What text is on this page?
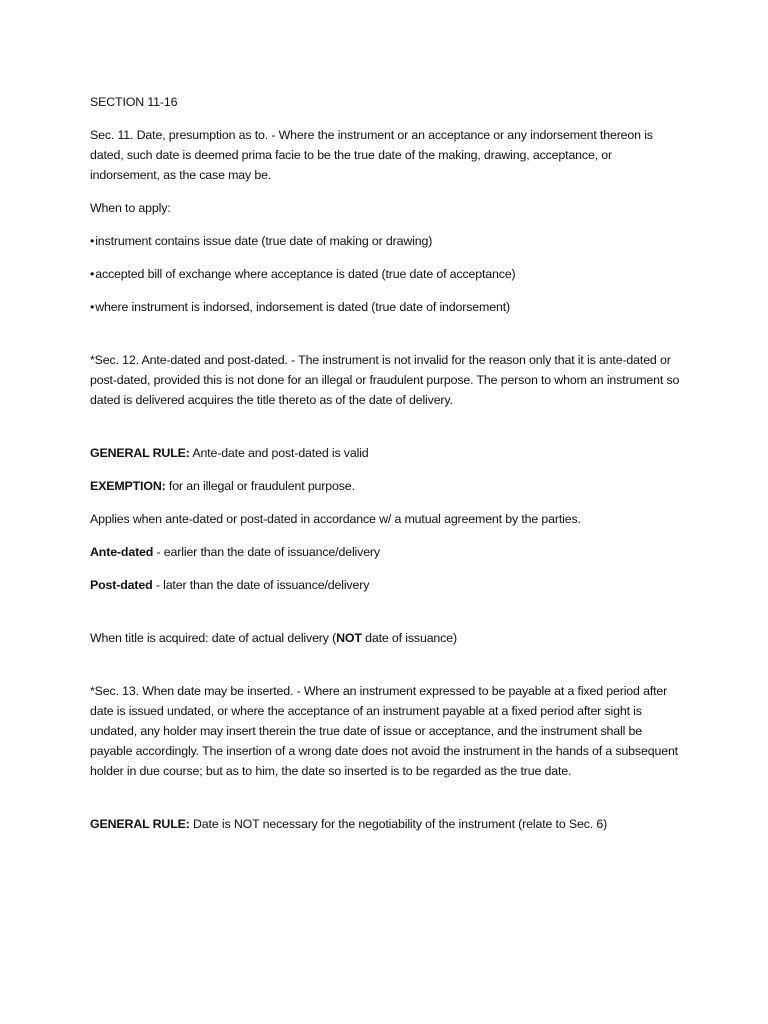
SECTION 11-16

Sec. 11. Date, presumption as to. - Where the instrument or an acceptance or any indorsement thereon is dated, such date is deemed prima facie to be the true date of the making, drawing, acceptance, or indorsement, as the case may be.

When to apply:

•instrument contains issue date (true date of making or drawing)

•accepted bill of exchange where acceptance is dated (true date of acceptance)

•where instrument is indorsed, indorsement is dated (true date of indorsement)

*Sec. 12. Ante-dated and post-dated. - The instrument is not invalid for the reason only that it is ante-dated or post-dated, provided this is not done for an illegal or fraudulent purpose. The person to whom an instrument so dated is delivered acquires the title thereto as of the date of delivery.

GENERAL RULE: Ante-date and post-dated is valid

EXEMPTION: for an illegal or fraudulent purpose.

Applies when ante-dated or post-dated in accordance w/ a mutual agreement by the parties.

Ante-dated - earlier than the date of issuance/delivery

Post-dated - later than the date of issuance/delivery

When title is acquired: date of actual delivery (NOT date of issuance)

*Sec. 13. When date may be inserted. - Where an instrument expressed to be payable at a fixed period after date is issued undated, or where the acceptance of an instrument payable at a fixed period after sight is undated, any holder may insert therein the true date of issue or acceptance, and the instrument shall be payable accordingly. The insertion of a wrong date does not avoid the instrument in the hands of a subsequent holder in due course; but as to him, the date so inserted is to be regarded as the true date.

GENERAL RULE: Date is NOT necessary for the negotiability of the instrument (relate to Sec. 6)
